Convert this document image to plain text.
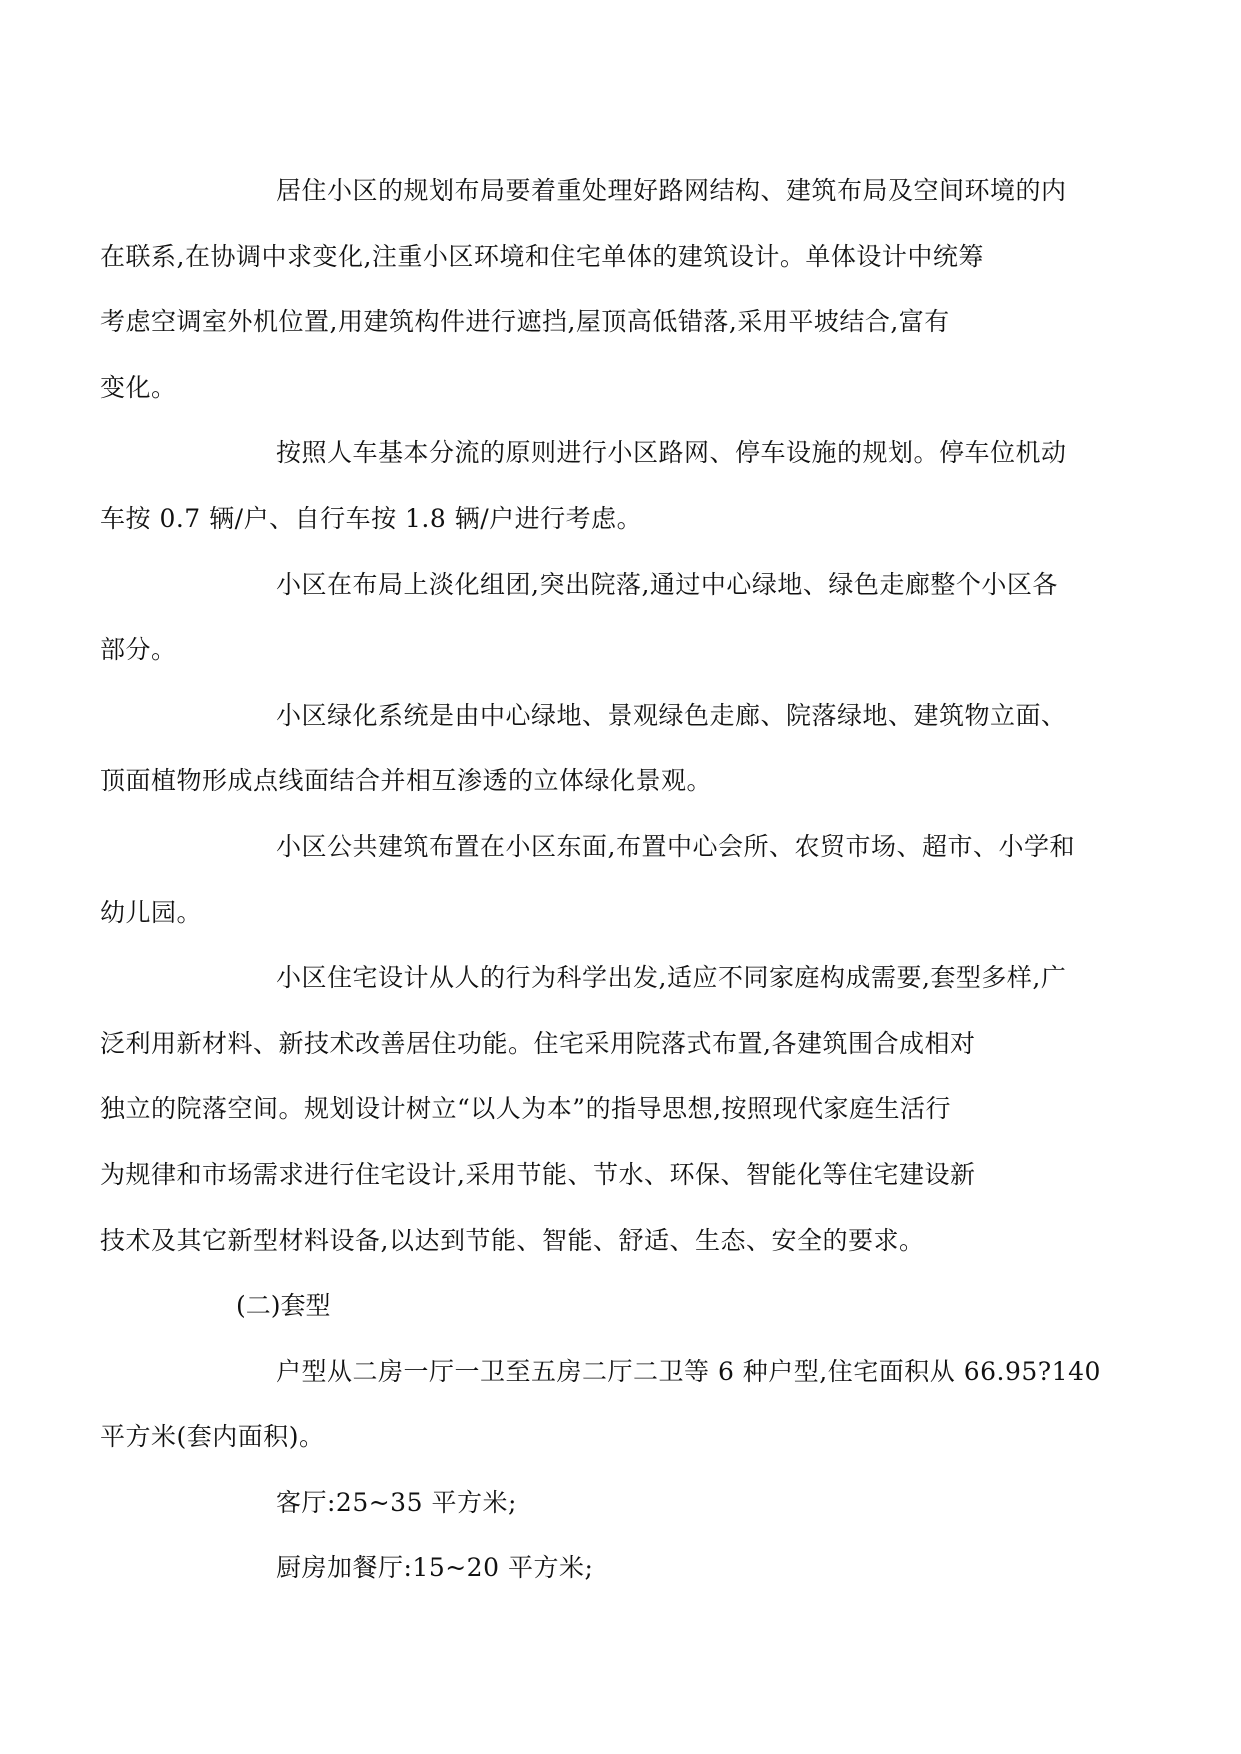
居住小区的规划布局要着重处理好路网结构、建筑布局及空间环境的内
在联系,在协调中求变化,注重小区环境和住宅单体的建筑设计。单体设计中统筹
考虑空调室外机位置,用建筑构件进行遮挡,屋顶高低错落,采用平坡结合,富有
变化。

按照人车基本分流的原则进行小区路网、停车设施的规划。停车位机动
车按 0.7 辆/户、自行车按 1.8 辆/户进行考虑。

小区在布局上淡化组团,突出院落,通过中心绿地、绿色走廊整个小区各
部分。

小区绿化系统是由中心绿地、景观绿色走廊、院落绿地、建筑物立面、
顶面植物形成点线面结合并相互渗透的立体绿化景观。

小区公共建筑布置在小区东面,布置中心会所、农贸市场、超市、小学和
幼儿园。

小区住宅设计从人的行为科学出发,适应不同家庭构成需要,套型多样,广
泛利用新材料、新技术改善居住功能。住宅采用院落式布置,各建筑围合成相对
独立的院落空间。规划设计树立“以人为本”的指导思想,按照现代家庭生活行
为规律和市场需求进行住宅设计,采用节能、节水、环保、智能化等住宅建设新
技术及其它新型材料设备,以达到节能、智能、舒适、生态、安全的要求。

(二)套型

户型从二房一厅一卫至五房二厅二卫等 6 种户型,住宅面积从 66.95?140
平方米(套内面积)。

客厅:25~35 平方米;

厨房加餐厅:15~20 平方米;
